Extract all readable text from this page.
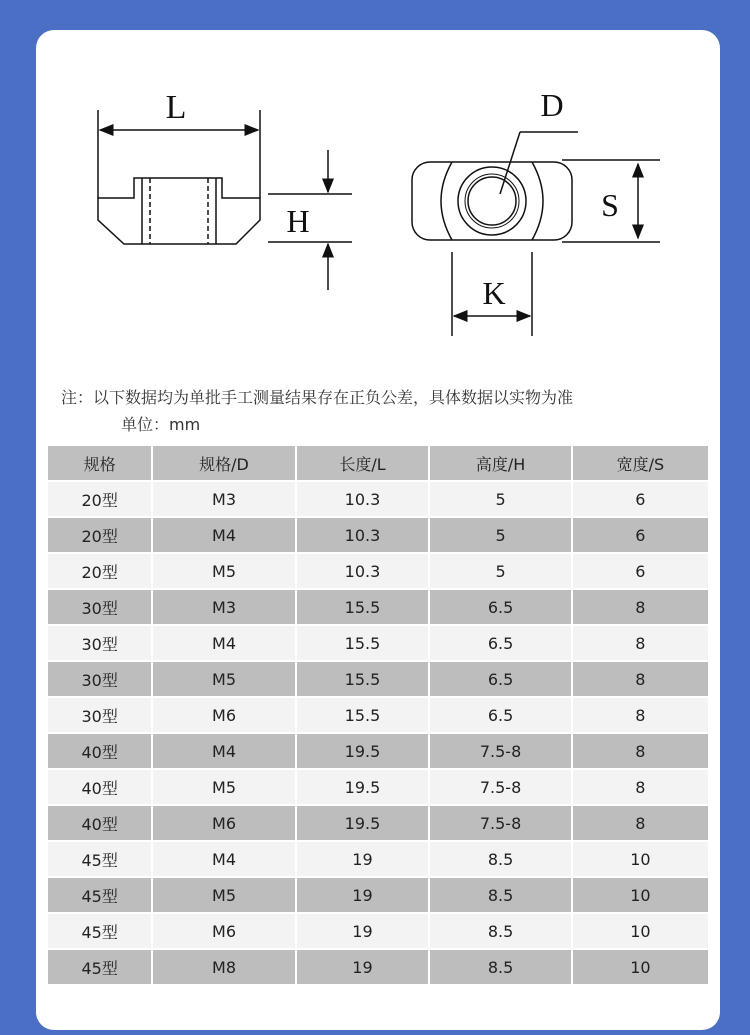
L
H
D
S
K
注：以下数据均为单批手工测量结果存在正负公差，具体数据以实物为准
单位：mm
规格	规格/D	长度/L	高度/H	宽度/S
20型	M3	10.3	5	6
20型	M4	10.3	5	6
20型	M5	10.3	5	6
30型	M3	15.5	6.5	8
30型	M4	15.5	6.5	8
30型	M5	15.5	6.5	8
30型	M6	15.5	6.5	8
40型	M4	19.5	7.5-8	8
40型	M5	19.5	7.5-8	8
40型	M6	19.5	7.5-8	8
45型	M4	19	8.5	10
45型	M5	19	8.5	10
45型	M6	19	8.5	10
45型	M8	19	8.5	10
